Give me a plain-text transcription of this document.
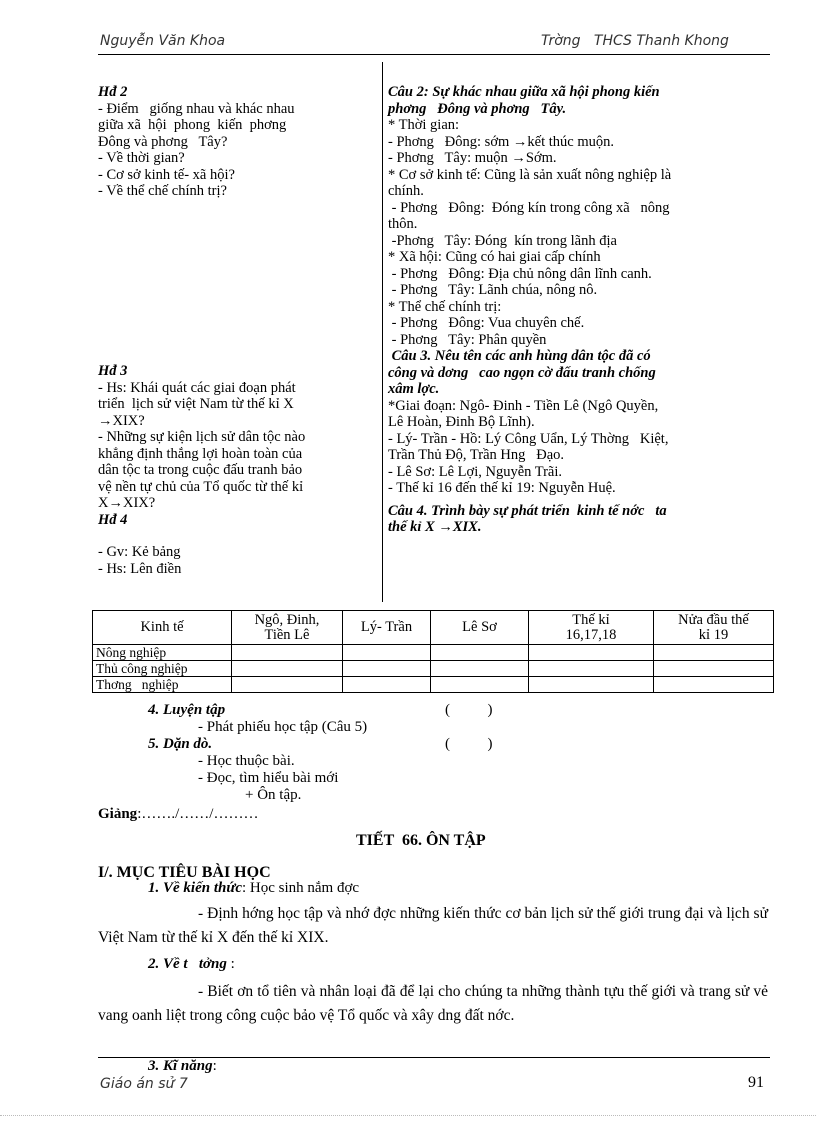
Nguyễn Văn Khoa	Trờng   THCS Thanh Khong
Hđ 2
- Điểm   giống nhau và khác nhau
giữa xã  hội  phong  kiến  phơng
Đông và phơng   Tây?
- Về thời gian?
- Cơ sở kinh tế- xã hội?
- Về thể chế chính trị?
Hđ 3
- Hs: Khái quát các giai đoạn phát
triển  lịch sử việt Nam từ thế kỉ X
→XIX?
- Những sự kiện lịch sử dân tộc nào
khẳng định thắng lợi hoàn toàn của
dân tộc ta trong cuộc đấu tranh bảo
vệ nền tự chủ của Tổ quốc từ thế kỉ
X→XIX?
Hđ 4
- Gv: Kẻ bảng
- Hs: Lên điền
Câu 2: Sự khác nhau giữa xã hội phong kiến
phơng   Đông và phơng   Tây.
* Thời gian:
- Phơng   Đông: sớm →kết thúc muộn.
- Phơng   Tây: muộn →Sớm.
* Cơ sở kinh tế: Cũng là sản xuất nông nghiệp là
chính.
- Phơng   Đông:  Đóng kín trong công xã   nông
thôn.
-Phơng   Tây: Đóng  kín trong lãnh địa
* Xã hội: Cũng có hai giai cấp chính
- Phơng   Đông: Địa chủ nông dân lĩnh canh.
- Phơng   Tây: Lãnh chúa, nông nô.
* Thể chế chính trị:
- Phơng   Đông: Vua chuyên chế.
- Phơng   Tây: Phân quyền
Câu 3. Nêu tên các anh hùng dân tộc đã có
công và dơng   cao ngọn cờ đấu tranh chống
xâm lợc.
*Giai đoạn: Ngô- Đinh - Tiền Lê (Ngô Quyền,
Lê Hoàn, Đinh Bộ Lĩnh).
- Lý- Trần - Hồ: Lý Công Uẩn, Lý Thờng   Kiệt,
Trần Thủ Độ, Trần Hng   Đạo.
- Lê Sơ: Lê Lợi, Nguyễn Trãi.
- Thế kỉ 16 đến thế kỉ 19: Nguyễn Huệ.
Câu 4. Trình bày sự phát triển  kinh tế nớc   ta
thế kỉ X →XIX.
Kinh tế	Ngô, Đinh,
Tiền Lê	Lý- Trần	Lê Sơ	Thế kỉ
16,17,18	Nửa đầu thế
kỉ 19
Nông nghiệp					
Thủ công nghiệp					
Thơng   nghiệp					
4. Luyện tập	(          )
- Phát phiếu học tập (Câu 5)
5. Dặn dò.	(          )
- Học thuộc bài.
- Đọc, tìm hiểu bài mới
+ Ôn tập.
Giảng:……./……/………
TIẾT  66. ÔN TẬP
I/. MỤC TIÊU BÀI HỌC
1. Về kiến thức: Học sinh nắm đợc
- Định hớng học tập và nhớ đợc những kiến thức cơ bản lịch sử thế giới trung đại và lịch sử Việt Nam từ thế kỉ X đến thế kỉ XIX.
2. Về t   tởng :
- Biết ơn tổ tiên và nhân loại đã để lại cho chúng ta những thành tựu thế giới và trang sử vẻ vang oanh liệt trong công cuộc bảo vệ Tổ quốc và xây dng đất nớc.
3. Kĩ năng:
Giáo án sử 7	91
